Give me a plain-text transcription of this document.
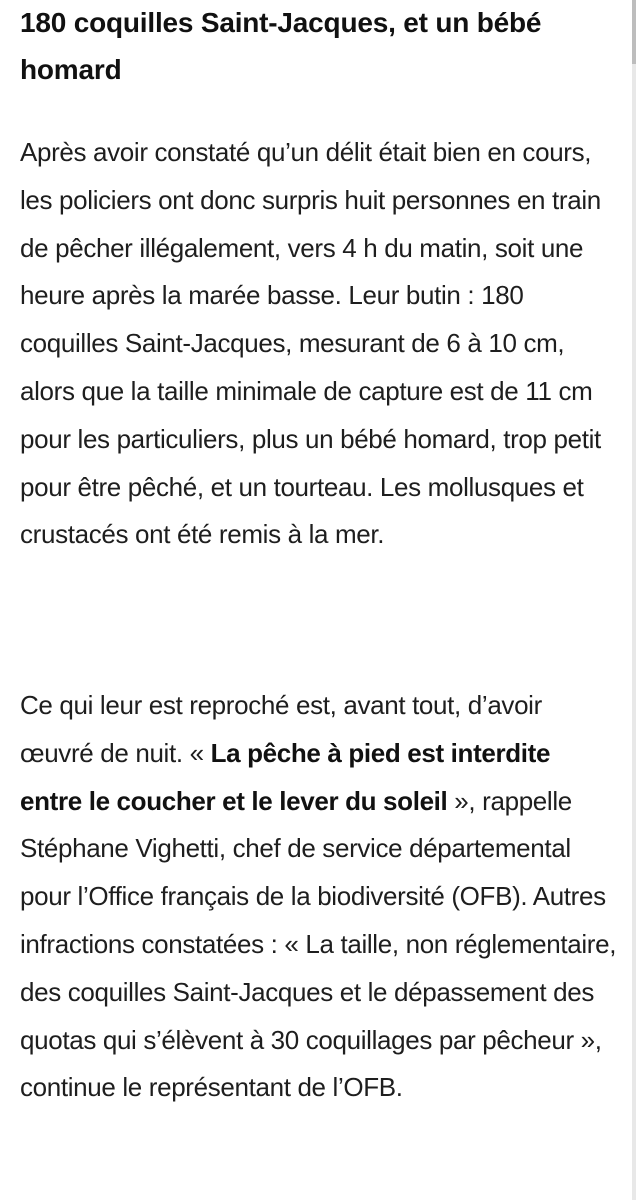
180 coquilles Saint-Jacques, et un bébé homard

Après avoir constaté qu’un délit était bien en cours, les policiers ont donc surpris huit personnes en train de pêcher illégalement, vers 4 h du matin, soit une heure après la marée basse. Leur butin : 180 coquilles Saint-Jacques, mesurant de 6 à 10 cm, alors que la taille minimale de capture est de 11 cm pour les particuliers, plus un bébé homard, trop petit pour être pêché, et un tourteau. Les mollusques et crustacés ont été remis à la mer.

Ce qui leur est reproché est, avant tout, d’avoir œuvré de nuit. « La pêche à pied est interdite entre le coucher et le lever du soleil », rappelle Stéphane Vighetti, chef de service départemental pour l’Office français de la biodiversité (OFB). Autres infractions constatées : « La taille, non réglementaire, des coquilles Saint-Jacques et le dépassement des quotas qui s’élèvent à 30 coquillages par pêcheur », continue le représentant de l’OFB.
